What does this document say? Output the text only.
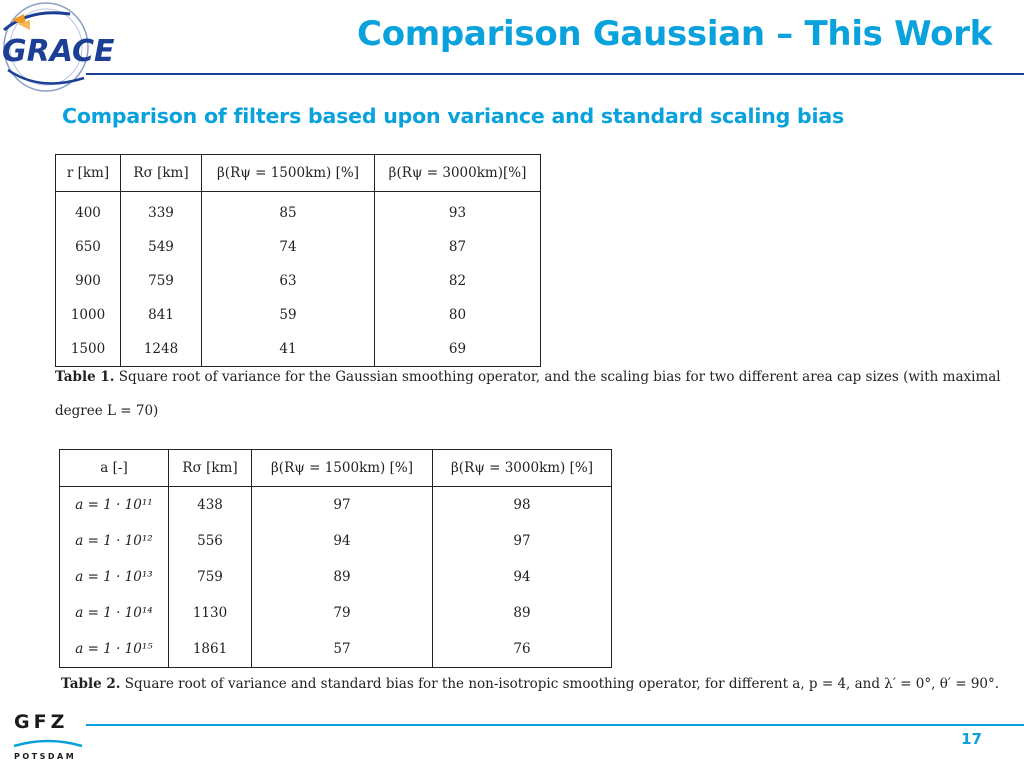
GRACE	Comparison Gaussian – This Work
Comparison of filters based upon variance and standard scaling bias
r [km]	Rσ [km]	β(Rψ = 1500km) [%]	β(Rψ = 3000km)[%]
400	339	85	93
650	549	74	87
900	759	63	82
1000	841	59	80
1500	1248	41	69
Table 1. Square root of variance for the Gaussian smoothing operator, and the scaling bias for two different area cap sizes (with maximal
degree L = 70)
a [-]	Rσ [km]	β(Rψ = 1500km) [%]	β(Rψ = 3000km) [%]
a = 1 · 10¹¹	438	97	98
a = 1 · 10¹²	556	94	97
a = 1 · 10¹³	759	89	94
a = 1 · 10¹⁴	1130	79	89
a = 1 · 10¹⁵	1861	57	76
Table 2. Square root of variance and standard bias for the non-isotropic smoothing operator, for different a, p = 4, and λ′ = 0°, θ′ = 90°.
GFZ
POTSDAM
17
